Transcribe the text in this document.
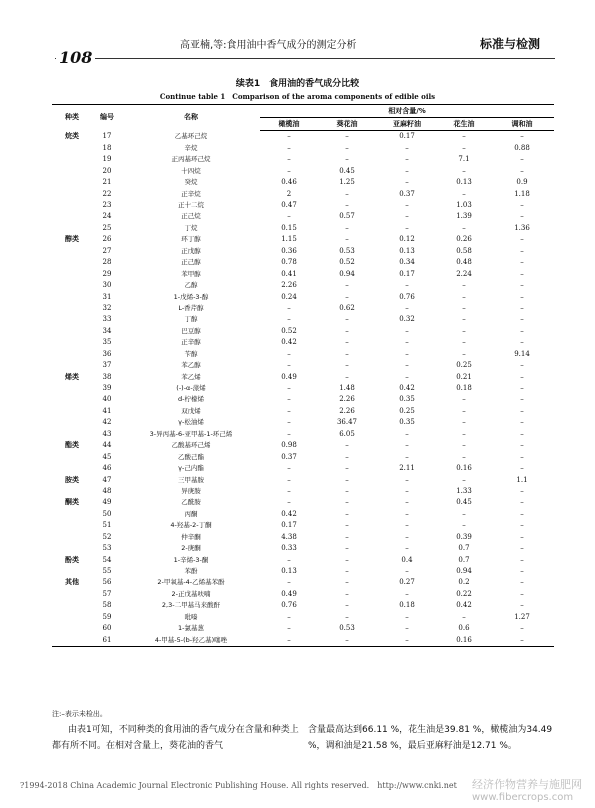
高亚楠,等:食用油中香气成分的测定分析	标准与检测
108
续表1　食用油的香气成分比较
Continue table 1　Comparison of the aroma components of edible oils
种类	编号	名称	相对含量/%				
			橄榄油	葵花油	亚麻籽油	花生油	调和油
烷类	17	乙基环己烷	–	–	0.17	–	–
	18	辛烷	–	–	–	–	0.88
	19	正丙基环己烷	–	–	–	7.1	–
	20	十四烷	–	0.45	–	–	–
	21	癸烷	0.46	1.25	–	0.13	0.9
	22	正辛烷	2	–	0.37	–	1.18
	23	正十二烷	0.47	–	–	1.03	–
	24	正己烷	–	0.57	–	1.39	–
	25	丁烷	0.15	–	–	–	1.36
醇类	26	环丁醇	1.15	–	0.12	0.26	–
	27	正戊醇	0.36	0.53	0.13	0.58	–
	28	正己醇	0.78	0.52	0.34	0.48	–
	29	苯甲醇	0.41	0.94	0.17	2.24	–
	30	乙醇	2.26	–	–	–	–
	31	1-戊烯-3-醇	0.24	–	0.76	–	–
	32	L-香芹醇	–	0.62	–	–	–
	33	丁醇	–	–	0.32	–	–
	34	巴豆醇	0.52	–	–	–	–
	35	正辛醇	0.42	–	–	–	–
	36	苄醇	–	–	–	–	9.14
	37	苯乙醇	–	–	–	0.25	–
烯类	38	苯乙烯	0.49	–	–	0.21	–
	39	(-)-α-蒎烯	–	1.48	0.42	0.18	–
	40	d-柠檬烯	–	2.26	0.35	–	–
	41	双戊烯	–	2.26	0.25	–	–
	42	γ-松油烯	–	36.47	0.35	–	–
	43	3-异丙基-6-亚甲基-1-环己烯	–	6.05	–	–	–
酯类	44	乙酸基环己烯	0.98	–	–	–	–
	45	乙酸己酯	0.37	–	–	–	–
	46	γ-己内酯	–	–	2.11	0.16	–
胺类	47	三甲基胺	–	–	–	–	1.1
	48	异庚胺	–	–	–	1.33	–
酮类	49	乙酰胺	–	–	–	0.45	–
	50	丙酮	0.42	–	–	–	–
	51	4-羟基-2-丁酮	0.17	–	–	–	–
	52	仲辛酮	4.38	–	–	0.39	–
	53	2-庚酮	0.33	–	–	0.7	–
酚类	54	1-辛烯-3-酮	–	–	0.4	0.7	–
	55	苯酚	0.13	–	–	0.94	–
其他	56	2-甲氧基-4-乙烯基苯酚	–	–	0.27	0.2	–
	57	2-正戊基呋喃	0.49	–	–	0.22	–
	58	2,3-二甲基马来酸酐	0.76	–	0.18	0.42	–
	59	吡嗪	–	–	–	–	1.27
	60	1-氯基葱	–	0.53	–	0.6	–
	61	4-甲基-5-(b-羟乙基)噻唑	–	–	–	0.16	–
注:–表示未检出。
由表1可知，不同种类的食用油的香气成分在含量和种类上都有所不同。在相对含量上，葵花油的香气
含量最高达到66.11 %，花生油是39.81 %，橄榄油为34.49 %，调和油是21.58 %，最后亚麻籽油是12.71 %。
?1994-2018 China Academic Journal Electronic Publishing House. All rights reserved.　http://www.cnki.net 经济作物营养与施肥网
www.fibercrops.com
